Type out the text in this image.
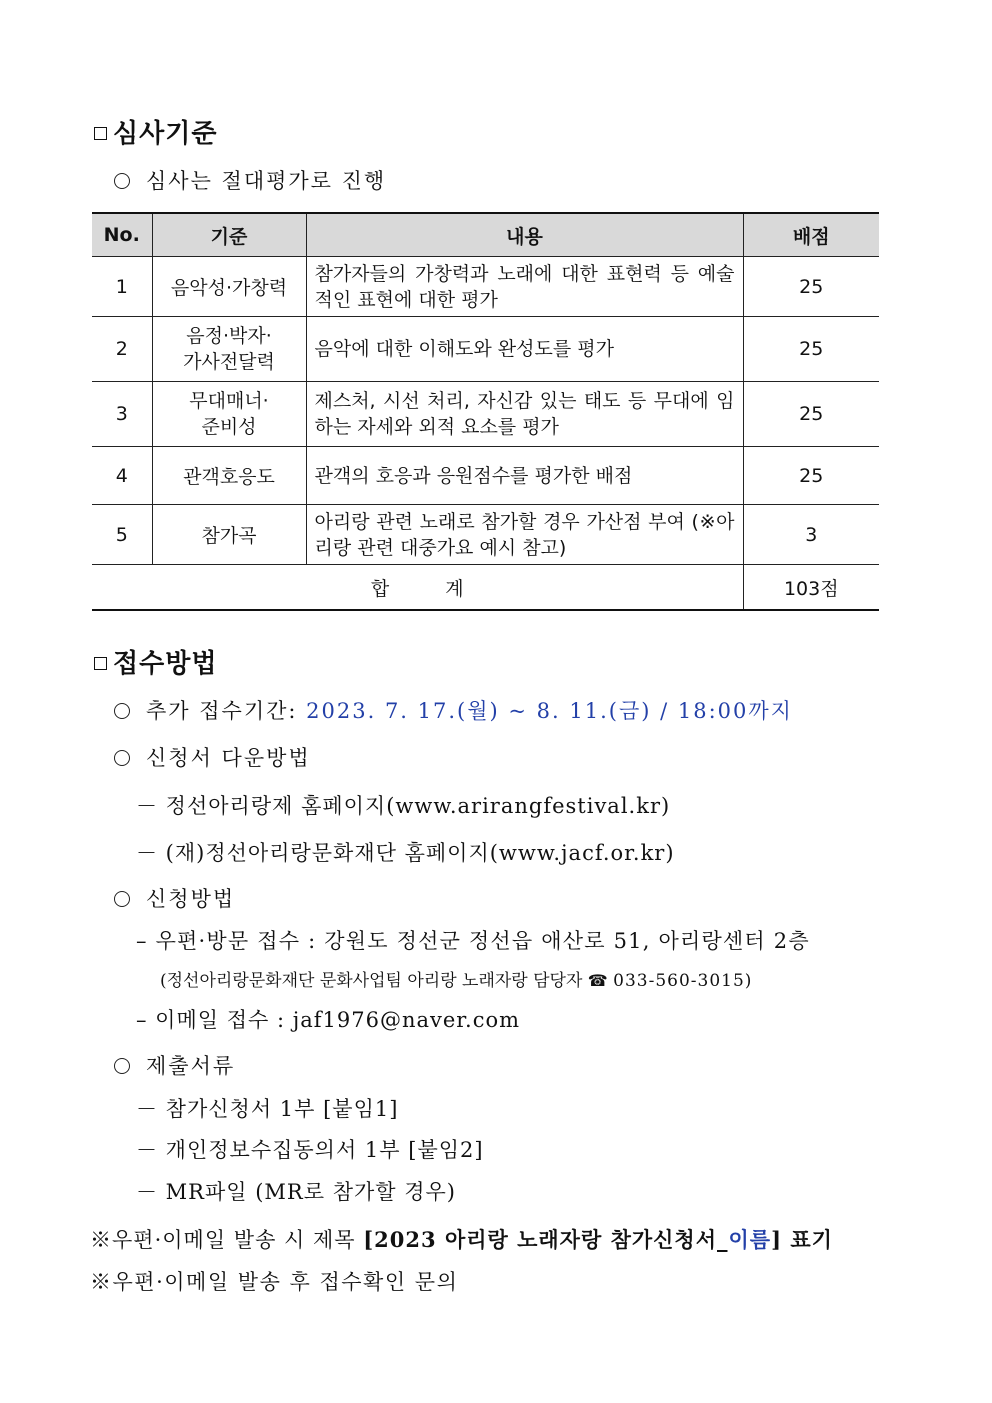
심사기준
심사는 절대평가로 진행
No.	기준	내용	배점
1	음악성·가창력	참가자들의 가창력과 노래에 대한 표현력 등 예술적인 표현에 대한 평가	25
2	음정·박자·가사전달력	음악에 대한 이해도와 완성도를 평가	25
3	무대매너·준비성	제스처, 시선 처리, 자신감 있는 태도 등 무대에 임하는 자세와 외적 요소를 평가	25
4	관객호응도	관객의 호응과 응원점수를 평가한 배점	25
5	참가곡	아리랑 관련 노래로 참가할 경우 가산점 부여 (※아리랑 관련 대중가요 예시 참고)	3
합 계			103점
접수방법
추가 접수기간: 2023. 7. 17.(월) ~ 8. 11.(금) / 18:00까지
신청서 다운방법
－ 정선아리랑제 홈페이지(www.arirangfestival.kr)
－ (재)정선아리랑문화재단 홈페이지(www.jacf.or.kr)
신청방법
– 우편·방문 접수 : 강원도 정선군 정선읍 애산로 51, 아리랑센터 2층
(정선아리랑문화재단 문화사업팀 아리랑 노래자랑 담당자 ☎ 033-560-3015)
– 이메일 접수 : jaf1976@naver.com
제출서류
－ 참가신청서 1부 [붙임1]
－ 개인정보수집동의서 1부 [붙임2]
－ MR파일 (MR로 참가할 경우)
※우편·이메일 발송 시 제목 [2023 아리랑 노래자랑 참가신청서_이름] 표기
※우편·이메일 발송 후 접수확인 문의
